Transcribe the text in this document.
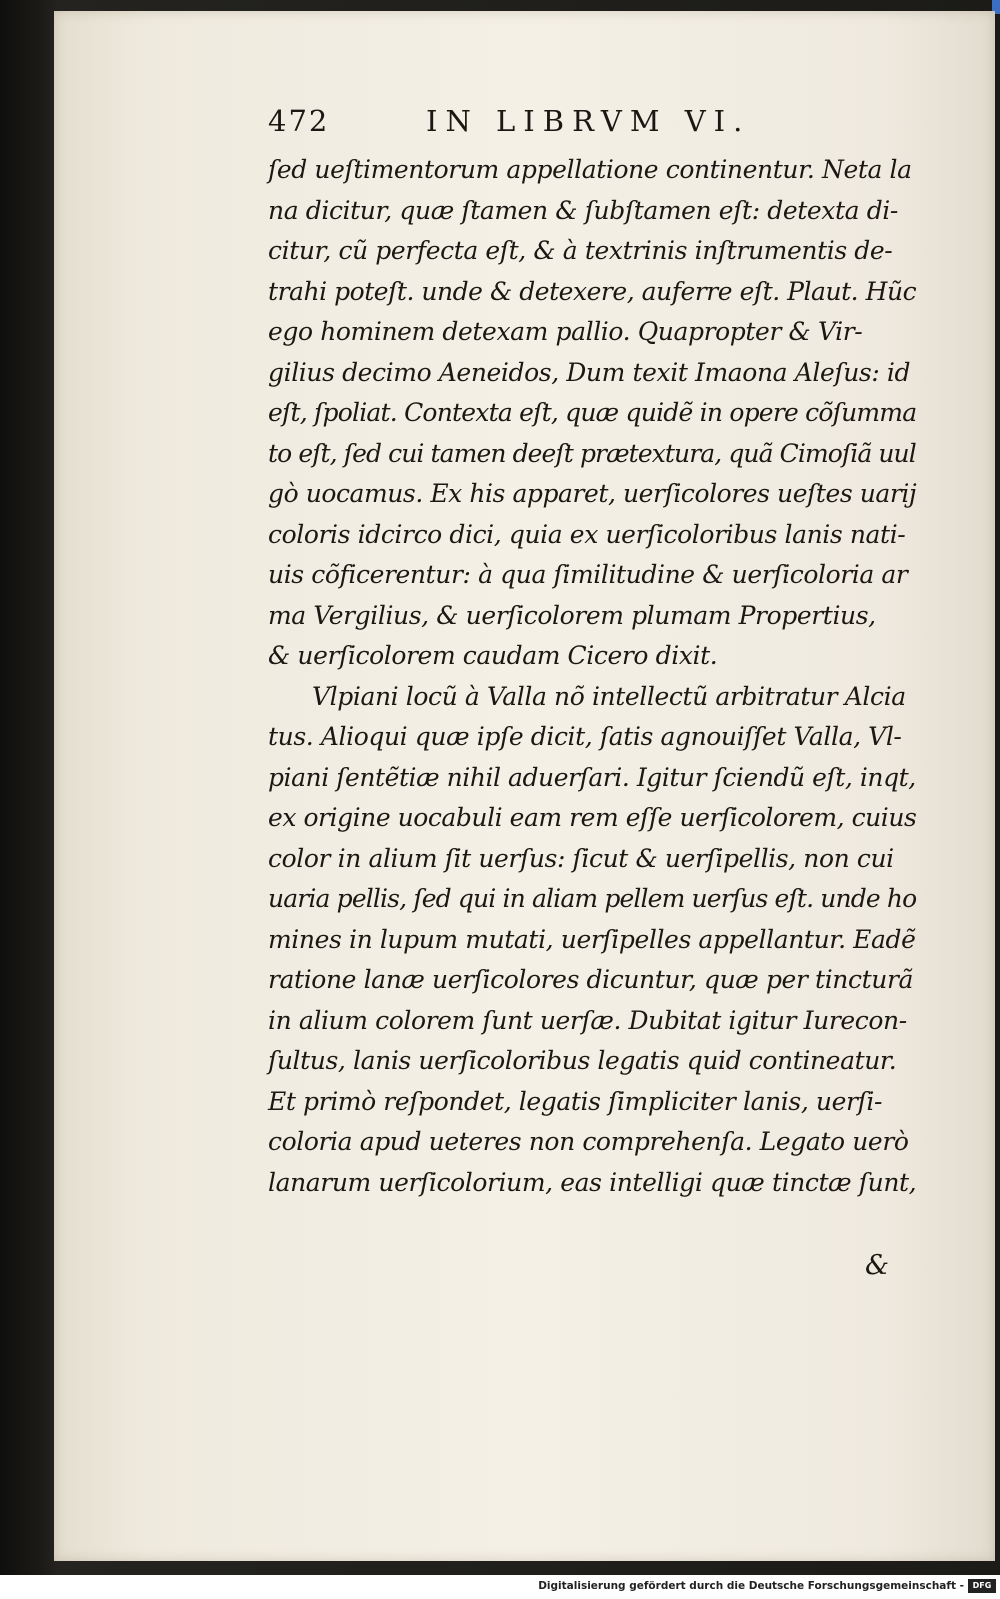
472	IN LIBRVM VI.
ſed ueſtimentorum appellatione continentur. Neta la
na dicitur, quæ ſtamen & ſubſtamen eſt: detexta di-
citur, cũ perfecta eſt, & à textrinis inſtrumentis de-
trahi poteſt. unde & detexere, auferre eſt. Plaut. Hũc
ego hominem detexam pallio. Quapropter & Vir-
gilius decimo Aeneidos, Dum texit Imaona Aleſus: id
eſt, ſpoliat. Contexta eſt, quæ quidẽ in opere cõſumma
to eſt, ſed cui tamen deeſt prætextura, quã Cimoſiã uul
gò uocamus. Ex his apparet, uerſicolores ueſtes uarij
coloris idcirco dici, quia ex uerſicoloribus lanis nati-
uis cõficerentur: à qua ſimilitudine & uerſicoloria ar
ma Vergilius, & uerſicolorem plumam Propertius,
& uerſicolorem caudam Cicero dixit.
Vlpiani locũ à Valla nõ intellectũ arbitratur Alcia
tus. Alioqui quæ ipſe dicit, ſatis agnouiſſet Valla, Vl-
piani ſentẽtiæ nihil aduerſari. Igitur ſciendũ eſt, inqt,
ex origine uocabuli eam rem eſſe uerſicolorem, cuius
color in alium ſit uerſus: ſicut & uerſipellis, non cui
uaria pellis, ſed qui in aliam pellem uerſus eſt. unde ho
mines in lupum mutati, uerſipelles appellantur. Eadẽ
ratione lanæ uerſicolores dicuntur, quæ per tincturã
in alium colorem ſunt uerſæ. Dubitat igitur Iurecon-
ſultus, lanis uerſicoloribus legatis quid contineatur.
Et primò reſpondet, legatis ſimpliciter lanis, uerſi-
coloria apud ueteres non comprehenſa. Legato uerò
lanarum uerſicolorium, eas intelligi quæ tinctæ ſunt,
&
Digitalisierung gefördert durch die Deutsche Forschungsgemeinschaft -	DFG
